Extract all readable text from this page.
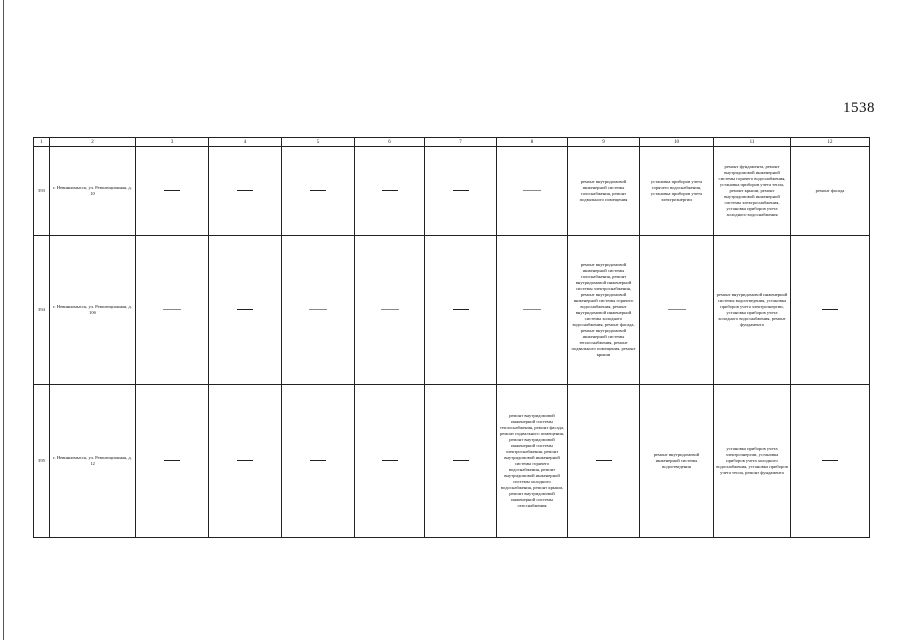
1538
1	2	3	4	5	6	7	8	9	10	11	12
393	г. Невинномысск, ул. Революционная, д. 10							ремонт внутридомовой инженерной системы газоснабжения, ремонт подвального помещения	установка приборов учета горячего водоснабжения, установка приборов учета электроэнергии	ремонт фундамента, ремонт внутридомовой инженерной системы горячего водоснабжения, установка приборов учета тепла, ремонт крыши, ремонт внутридомовой инженерной системы электроснабжения, установка приборов учета холодного водоснабжения	ремонт фасада
394	г. Невинномысск, ул. Революционная, д. 10б							ремонт внутридомовой инженерной системы газоснабжения, ремонт внутридомовой инженерной системы электроснабжения, ремонт внутридомовой инженерной системы горячего водоснабжения, ремонт внутридомовой инженерной системы холодного водоснабжения, ремонт фасада, ремонт внутридомовой инженерной системы теплоснабжения, ремонт подвального помещения, ремонт крыши		ремонт внутридомовой инженерной системы водоотведения, установка приборов учета электроэнергии, установка приборов учета холодного водоснабжения, ремонт фундамента	
395	г. Невинномысск, ул. Революционная, д. 12						ремонт внутридомовой инженерной системы теплоснабжения, ремонт фасада, ремонт подвального помещения, ремонт внутридомовой инженерной системы электроснабжения, ремонт внутридомовой инженерной системы горячего водоснабжения, ремонт внутридомовой инженерной системы холодного водоснабжения, ремонт крыши, ремонт внутридомовой инженерной системы газоснабжения		ремонт внутридомовой инженерной системы водоотведения	установка приборов учета электроэнергии, установка приборов учета холодного водоснабжения, установка приборов учета тепла, ремонт фундамента	
